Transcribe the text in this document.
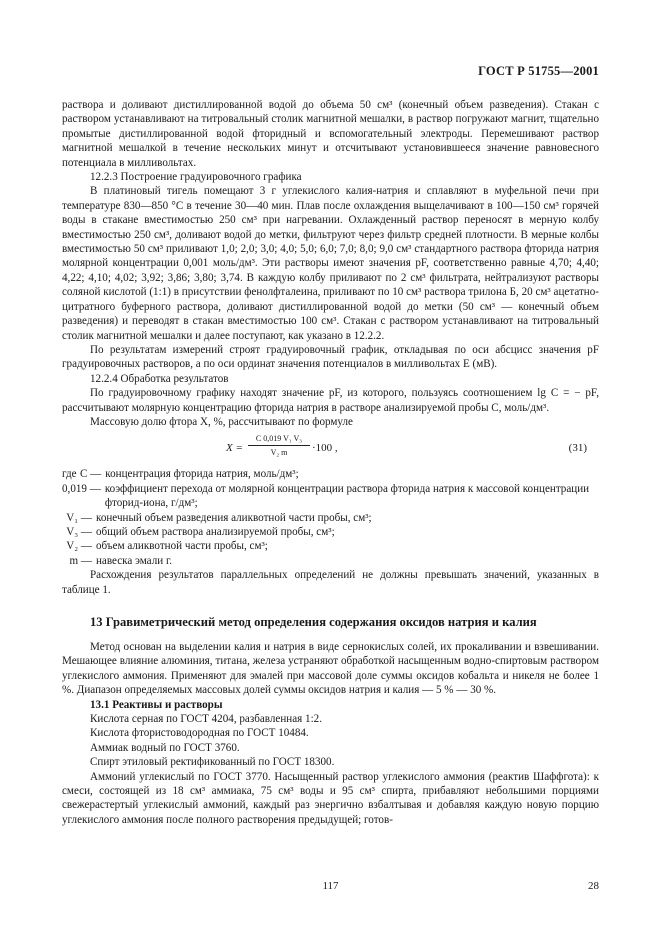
ГОСТ Р 51755—2001

раствора и доливают дистиллированной водой до объема 50 см³ (конечный объем разведения). Стакан с раствором устанавливают на титровальный столик магнитной мешалки, в раствор погружают магнит, тщательно промытые дистиллированной водой фторидный и вспомогательный электроды. Перемешивают раствор магнитной мешалкой в течение нескольких минут и отсчитывают установившееся значение равновесного потенциала в милливольтах.

12.2.3 Построение градуировочного графика

В платиновый тигель помещают 3 г углекислого калия-натрия и сплавляют в муфельной печи при температуре 830—850 °С в течение 30—40 мин. Плав после охлаждения выщелачивают в 100—150 см³ горячей воды в стакане вместимостью 250 см³ при нагревании. Охлажденный раствор переносят в мерную колбу вместимостью 250 см³, доливают водой до метки, фильтруют через фильтр средней плотности. В мерные колбы вместимостью 50 см³ приливают 1,0; 2,0; 3,0; 4,0; 5,0; 6,0; 7,0; 8,0; 9,0 см³ стандартного раствора фторида натрия молярной концентрации 0,001 моль/дм³. Эти растворы имеют значения pF, соответственно равные 4,70; 4,40; 4,22; 4,10; 4,02; 3,92; 3,86; 3,80; 3,74. В каждую колбу приливают по 2 см³ фильтрата, нейтрализуют растворы соляной кислотой (1:1) в присутствии фенолфталеина, приливают по 10 см³ раствора трилона Б, 20 см³ ацетатно-цитратного буферного раствора, доливают дистиллированной водой до метки (50 см³ — конечный объем разведения) и переводят в стакан вместимостью 100 см³. Стакан с раствором устанавливают на титровальный столик магнитной мешалки и далее поступают, как указано в 12.2.2.

По результатам измерений строят градуировочный график, откладывая по оси абсцисс значения pF градуировочных растворов, а по оси ординат значения потенциалов в милливольтах E (мВ).

12.2.4 Обработка результатов

По градуировочному графику находят значение pF, из которого, пользуясь соотношением lg C = − pF, рассчитывают молярную концентрацию фторида натрия в растворе анализируемой пробы C, моль/дм³.

Массовую долю фтора X, %, рассчитывают по формуле

X =
C 0,019 V₁ V₃
V₂ m	·100 ,	(31)
где C — концентрация фторида натрия, моль/дм³;
0,019 — коэффициент перехода от молярной концентрации раствора фторида натрия к массовой концентрации фторид-иона, г/дм³;
V₁ — конечный объем разведения аликвотной части пробы, см³;
V₃ — общий объем раствора анализируемой пробы, см³;
V₂ — объем аликвотной части пробы, см³;
m — навеска эмали г.

Расхождения результатов параллельных определений не должны превышать значений, указанных в таблице 1.

13 Гравиметрический метод определения содержания оксидов натрия и калия

Метод основан на выделении калия и натрия в виде сернокислых солей, их прокаливании и взвешивании. Мешающее влияние алюминия, титана, железа устраняют обработкой насыщенным водно-спиртовым раствором углекислого аммония. Применяют для эмалей при массовой доле суммы оксидов кобальта и никеля не более 1 %. Диапазон определяемых массовых долей суммы оксидов натрия и калия — 5 % — 30 %.

13.1 Реактивы и растворы

Кислота серная по ГОСТ 4204, разбавленная 1:2.

Кислота фтористоводородная по ГОСТ 10484.

Аммиак водный по ГОСТ 3760.

Спирт этиловый ректификованный по ГОСТ 18300.

Аммоний углекислый по ГОСТ 3770. Насыщенный раствор углекислого аммония (реактив Шаффгота): к смеси, состоящей из 18 см³ аммиака, 75 см³ воды и 95 см³ спирта, прибавляют небольшими порциями свежерастертый углекислый аммоний, каждый раз энергично взбалтывая и добавляя каждую новую порцию углекислого аммония после полного растворения предыдущей; готов-

117	28
